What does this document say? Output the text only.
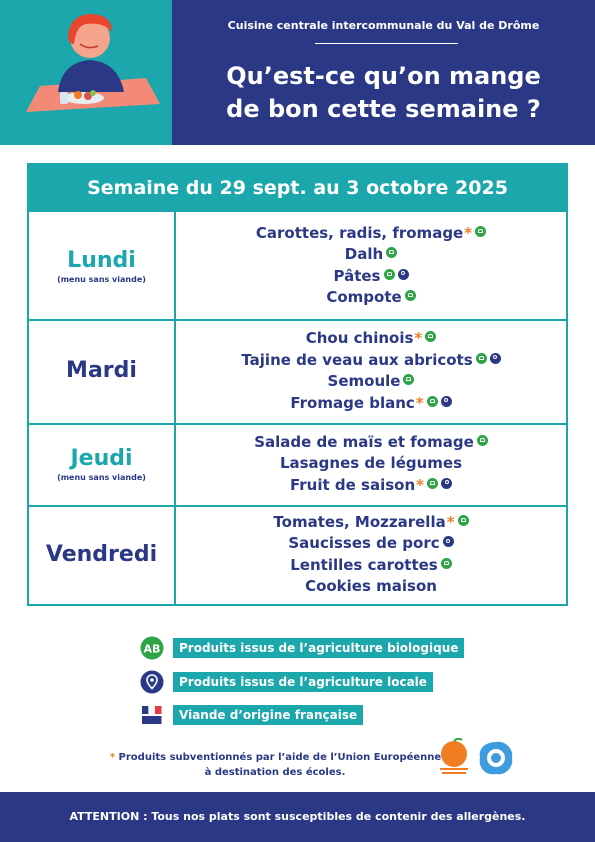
Cuisine centrale intercommunale du Val de Drôme
Qu’est-ce qu’on mange
de bon cette semaine ?
Semaine du 29 sept. au 3 octobre 2025
Lundi
(menu sans viande)
Carottes, radis, fromage*
Dalh
Pâtes
Compote
Mardi
Chou chinois*
Tajine de veau aux abricots
Semoule
Fromage blanc*
Jeudi
(menu sans viande)
Salade de maïs et fomage
Lasagnes de légumes
Fruit de saison*
Vendredi
Tomates, Mozzarella*
Saucisses de porc
Lentilles carottes
Cookies maison
AB	Produits issus de l’agriculture biologique
Produits issus de l’agriculture locale
Viande d’origine française
* Produits subventionnés par l’aide de l’Union Européenne
à destination des écoles.
ATTENTION : Tous nos plats sont susceptibles de contenir des allergènes.
